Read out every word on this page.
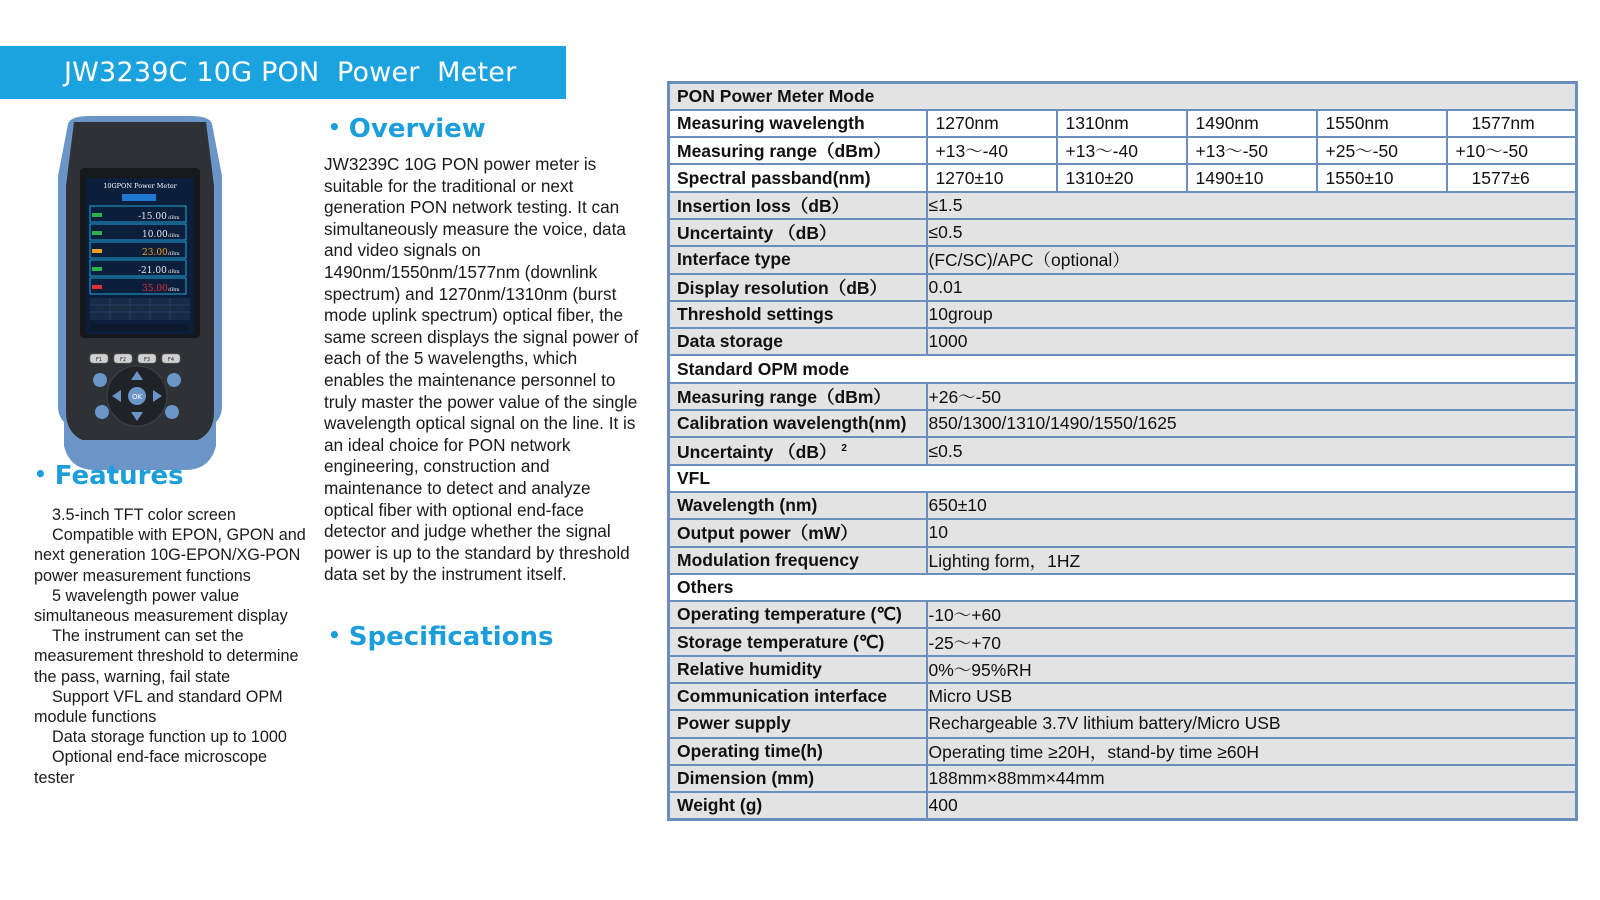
JW3239C 10G PON  Power  Meter
10GPON Power Meter
-15.00 dBm
10.00 dBm
23.00 dBm
-21.00 dBm
35.00 dBm
F1	F2	F3	F4
OK
• Overview
JW3239C 10G PON power meter is suitable for the traditional or next generation PON network testing. It can simultaneously measure the voice, data and video signals on 1490nm/1550nm/1577nm (downlink spectrum) and 1270nm/1310nm (burst mode uplink spectrum) optical fiber, the same screen displays the signal power of each of the 5 wavelengths, which enables the maintenance personnel to truly master the power value of the single wavelength optical signal on the line. It is an ideal choice for PON network engineering, construction and maintenance to detect and analyze optical fiber with optional end-face detector and judge whether the signal power is up to the standard by threshold data set by the instrument itself.
• Specifications
• Features
3.5-inch TFT color screen
Compatible with EPON, GPON and next generation 10G-EPON/XG-PON power measurement functions
5 wavelength power value simultaneous measurement display
The instrument can set the measurement threshold to determine the pass, warning, fail state
Support VFL and standard OPM module functions
Data storage function up to 1000
Optional end-face microscope tester
PON Power Meter Mode					
Measuring wavelength	1270nm	1310nm	1490nm	1550nm	1577nm
Measuring range（dBm）	+13～-40	+13～-40	+13～-50	+25～-50	+10～-50
Spectral passband(nm)	1270±10	1310±20	1490±10	1550±10	1577±6
Insertion loss（dB）	≤1.5				
Uncertainty （dB）	≤0.5				
Interface type	(FC/SC)/APC（optional）				
Display resolution（dB）	0.01				
Threshold settings	10group				
Data storage	1000				
Standard OPM mode					
Measuring range（dBm）	+26～-50				
Calibration wavelength(nm)	850/1300/1310/1490/1550/1625				
Uncertainty （dB） $^2$	≤0.5				
VFL					
Wavelength (nm)	650±10				
Output power（mW）	10				
Modulation frequency	Lighting form，1HZ				
Others					
Operating temperature (℃)	-10～+60				
Storage temperature (℃)	-25～+70				
Relative humidity	0%～95%RH				
Communication interface	Micro USB				
Power supply	Rechargeable 3.7V lithium battery/Micro USB				
Operating time(h)	Operating time ≥20H，stand-by time ≥60H				
Dimension (mm)	188mm×88mm×44mm				
Weight (g)	400				
